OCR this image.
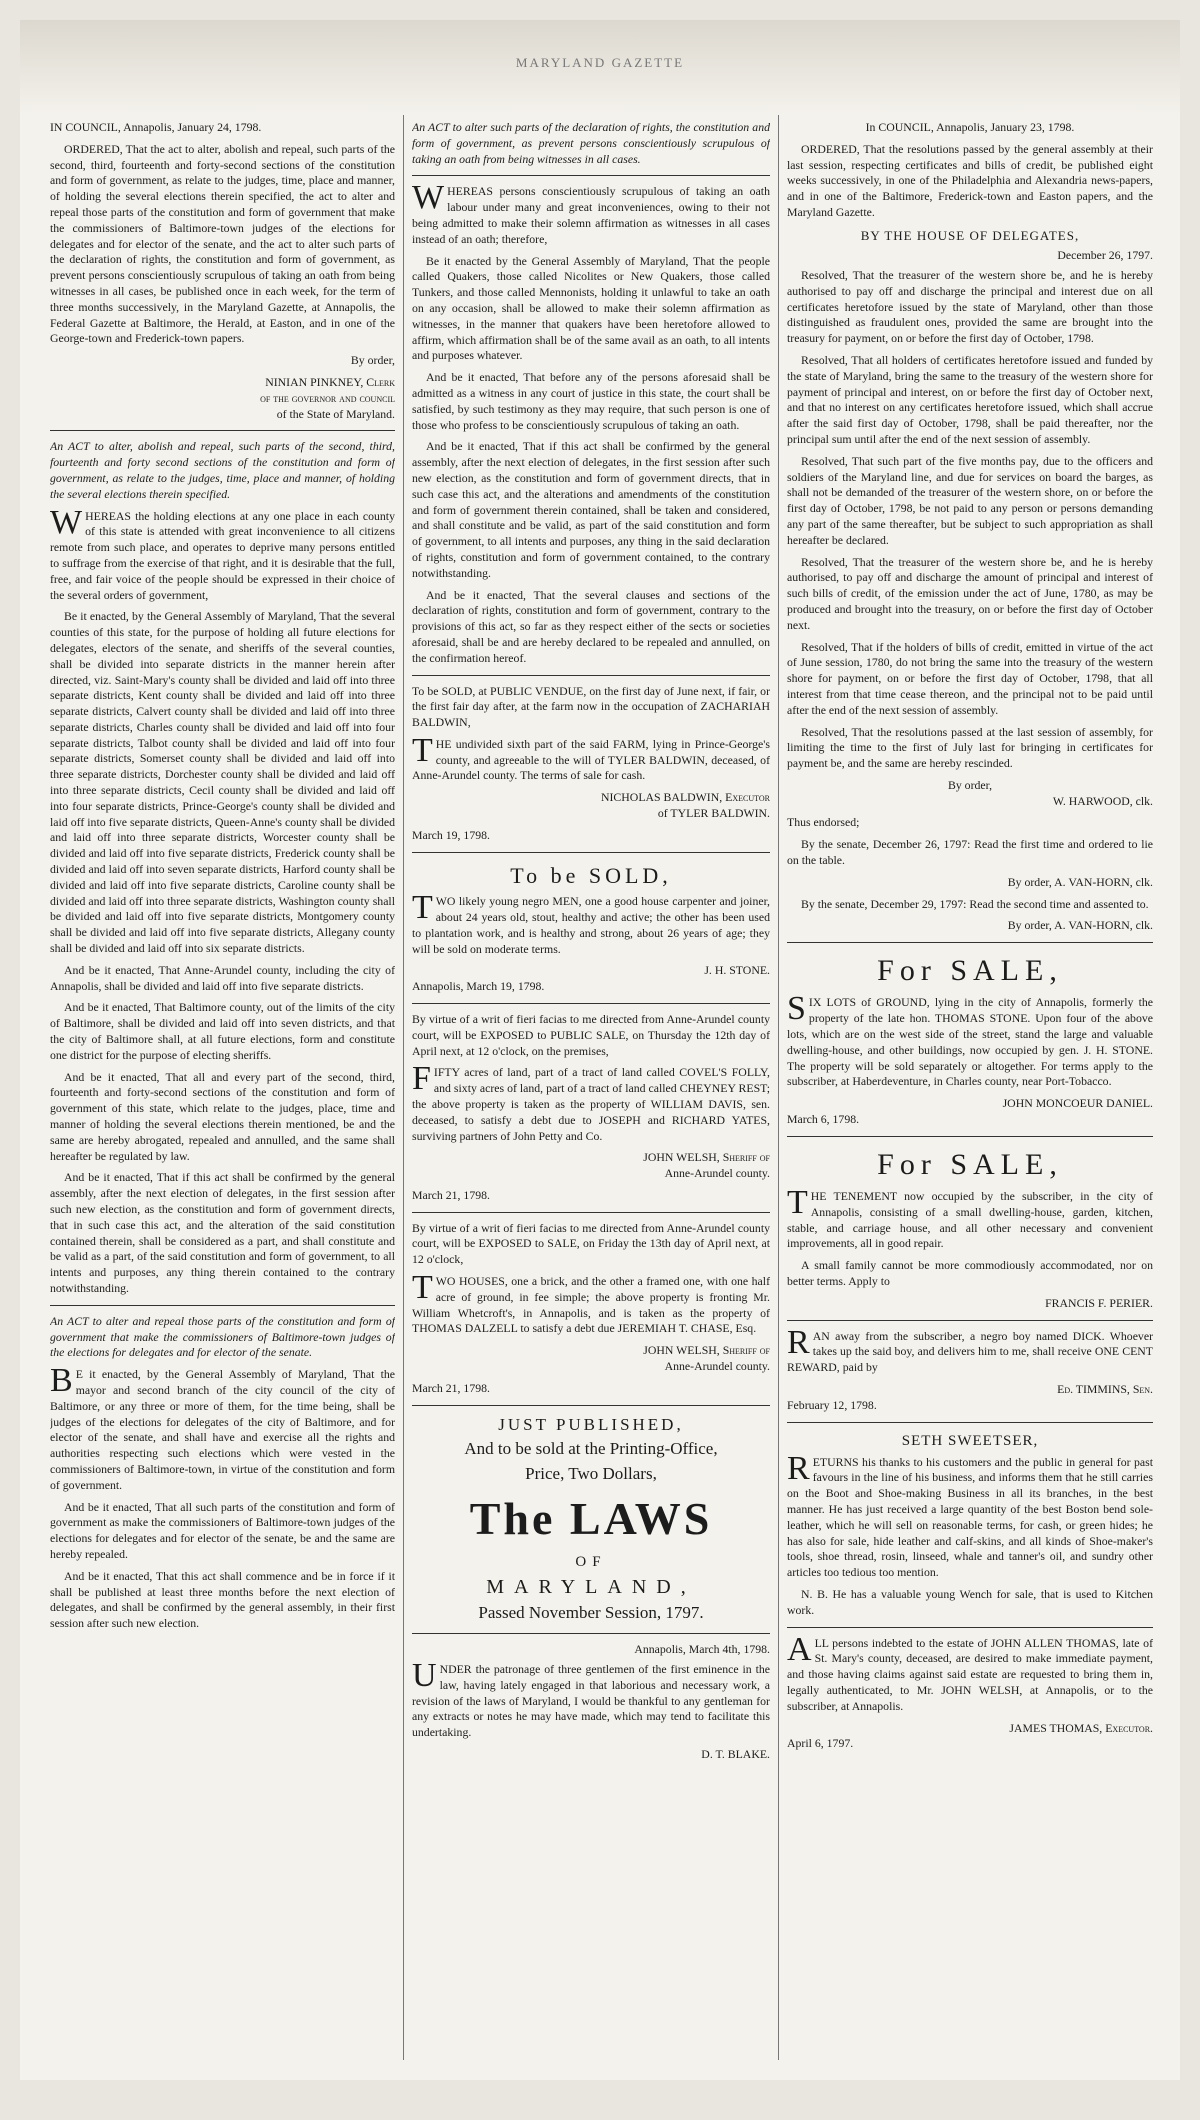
MARYLAND GAZETTE

IN COUNCIL, Annapolis, January 24, 1798.

ORDERED, That the act to alter, abolish and repeal, such parts of the second, third, fourteenth and forty-second sections of the constitution and form of government, as relate to the judges, time, place and manner, of holding the several elections therein specified, the act to alter and repeal those parts of the constitution and form of government that make the commissioners of Baltimore-town judges of the elections for delegates and for elector of the senate, and the act to alter such parts of the declaration of rights, the constitution and form of government, as prevent persons conscientiously scrupulous of taking an oath from being witnesses in all cases, be published once in each week, for the term of three months successively, in the Maryland Gazette, at Annapolis, the Federal Gazette at Baltimore, the Herald, at Easton, and in one of the George-town and Frederick-town papers.

By order,

NINIAN PINKNEY, Clerk

of the governor and council

of the State of Maryland.

An ACT to alter, abolish and repeal, such parts of the second, third, fourteenth and forty second sections of the constitution and form of government, as relate to the judges, time, place and manner, of holding the several elections therein specified.

WHEREAS the holding elections at any one place in each county of this state is attended with great inconvenience to all citizens remote from such place, and operates to deprive many persons entitled to suffrage from the exercise of that right, and it is desirable that the full, free, and fair voice of the people should be expressed in their choice of the several orders of government,

Be it enacted, by the General Assembly of Maryland, That the several counties of this state, for the purpose of holding all future elections for delegates, electors of the senate, and sheriffs of the several counties, shall be divided into separate districts in the manner herein after directed, viz. Saint-Mary's county shall be divided and laid off into three separate districts, Kent county shall be divided and laid off into three separate districts, Calvert county shall be divided and laid off into three separate districts, Charles county shall be divided and laid off into four separate districts, Talbot county shall be divided and laid off into four separate districts, Somerset county shall be divided and laid off into three separate districts, Dorchester county shall be divided and laid off into three separate districts, Cecil county shall be divided and laid off into four separate districts, Prince-George's county shall be divided and laid off into five separate districts, Queen-Anne's county shall be divided and laid off into three separate districts, Worcester county shall be divided and laid off into five separate districts, Frederick county shall be divided and laid off into seven separate districts, Harford county shall be divided and laid off into five separate districts, Caroline county shall be divided and laid off into three separate districts, Washington county shall be divided and laid off into five separate districts, Montgomery county shall be divided and laid off into five separate districts, Allegany county shall be divided and laid off into six separate districts.

And be it enacted, That Anne-Arundel county, including the city of Annapolis, shall be divided and laid off into five separate districts.

And be it enacted, That Baltimore county, out of the limits of the city of Baltimore, shall be divided and laid off into seven districts, and that the city of Baltimore shall, at all future elections, form and constitute one district for the purpose of electing sheriffs.

And be it enacted, That all and every part of the second, third, fourteenth and forty-second sections of the constitution and form of government of this state, which relate to the judges, place, time and manner of holding the several elections therein mentioned, be and the same are hereby abrogated, repealed and annulled, and the same shall hereafter be regulated by law.

And be it enacted, That if this act shall be confirmed by the general assembly, after the next election of delegates, in the first session after such new election, as the constitution and form of government directs, that in such case this act, and the alteration of the said constitution contained therein, shall be considered as a part, and shall constitute and be valid as a part, of the said constitution and form of government, to all intents and purposes, any thing therein contained to the contrary notwithstanding.

An ACT to alter and repeal those parts of the constitution and form of government that make the commissioners of Baltimore-town judges of the elections for delegates and for elector of the senate.

BE it enacted, by the General Assembly of Maryland, That the mayor and second branch of the city council of the city of Baltimore, or any three or more of them, for the time being, shall be judges of the elections for delegates of the city of Baltimore, and for elector of the senate, and shall have and exercise all the rights and authorities respecting such elections which were vested in the commissioners of Baltimore-town, in virtue of the constitution and form of government.

And be it enacted, That all such parts of the constitution and form of government as make the commissioners of Baltimore-town judges of the elections for delegates and for elector of the senate, be and the same are hereby repealed.

And be it enacted, That this act shall commence and be in force if it shall be published at least three months before the next election of delegates, and shall be confirmed by the general assembly, in their first session after such new election.

An ACT to alter such parts of the declaration of rights, the constitution and form of government, as prevent persons conscientiously scrupulous of taking an oath from being witnesses in all cases.

WHEREAS persons conscientiously scrupulous of taking an oath labour under many and great inconveniences, owing to their not being admitted to make their solemn affirmation as witnesses in all cases instead of an oath; therefore,

Be it enacted by the General Assembly of Maryland, That the people called Quakers, those called Nicolites or New Quakers, those called Tunkers, and those called Mennonists, holding it unlawful to take an oath on any occasion, shall be allowed to make their solemn affirmation as witnesses, in the manner that quakers have been heretofore allowed to affirm, which affirmation shall be of the same avail as an oath, to all intents and purposes whatever.

And be it enacted, That before any of the persons aforesaid shall be admitted as a witness in any court of justice in this state, the court shall be satisfied, by such testimony as they may require, that such person is one of those who profess to be conscientiously scrupulous of taking an oath.

And be it enacted, That if this act shall be confirmed by the general assembly, after the next election of delegates, in the first session after such new election, as the constitution and form of government directs, that in such case this act, and the alterations and amendments of the constitution and form of government therein contained, shall be taken and considered, and shall constitute and be valid, as part of the said constitution and form of government, to all intents and purposes, any thing in the said declaration of rights, constitution and form of government contained, to the contrary notwithstanding.

And be it enacted, That the several clauses and sections of the declaration of rights, constitution and form of government, contrary to the provisions of this act, so far as they respect either of the sects or societies aforesaid, shall be and are hereby declared to be repealed and annulled, on the confirmation hereof.

To be SOLD, at PUBLIC VENDUE, on the first day of June next, if fair, or the first fair day after, at the farm now in the occupation of ZACHARIAH BALDWIN,

THE undivided sixth part of the said FARM, lying in Prince-George's county, and agreeable to the will of TYLER BALDWIN, deceased, of Anne-Arundel county. The terms of sale for cash.

NICHOLAS BALDWIN, Executor

of TYLER BALDWIN.

March 19, 1798.

To be SOLD,

TWO likely young negro MEN, one a good house carpenter and joiner, about 24 years old, stout, healthy and active; the other has been used to plantation work, and is healthy and strong, about 26 years of age; they will be sold on moderate terms.

J. H. STONE.

Annapolis, March 19, 1798.

By virtue of a writ of fieri facias to me directed from Anne-Arundel county court, will be EXPOSED to PUBLIC SALE, on Thursday the 12th day of April next, at 12 o'clock, on the premises,

FIFTY acres of land, part of a tract of land called COVEL'S FOLLY, and sixty acres of land, part of a tract of land called CHEYNEY REST; the above property is taken as the property of WILLIAM DAVIS, sen. deceased, to satisfy a debt due to JOSEPH and RICHARD YATES, surviving partners of John Petty and Co.

JOHN WELSH, Sheriff of

Anne-Arundel county.

March 21, 1798.

By virtue of a writ of fieri facias to me directed from Anne-Arundel county court, will be EXPOSED to SALE, on Friday the 13th day of April next, at 12 o'clock,

TWO HOUSES, one a brick, and the other a framed one, with one half acre of ground, in fee simple; the above property is fronting Mr. William Whetcroft's, in Annapolis, and is taken as the property of THOMAS DALZELL to satisfy a debt due JEREMIAH T. CHASE, Esq.

JOHN WELSH, Sheriff of

Anne-Arundel county.

March 21, 1798.

JUST PUBLISHED,

And to be sold at the Printing-Office,

Price, Two Dollars,

The LAWS

OF

MARYLAND,

Passed November Session, 1797.

Annapolis, March 4th, 1798.

UNDER the patronage of three gentlemen of the first eminence in the law, having lately engaged in that laborious and necessary work, a revision of the laws of Maryland, I would be thankful to any gentleman for any extracts or notes he may have made, which may tend to facilitate this undertaking.

D. T. BLAKE.

In COUNCIL, Annapolis, January 23, 1798.

ORDERED, That the resolutions passed by the general assembly at their last session, respecting certificates and bills of credit, be published eight weeks successively, in one of the Philadelphia and Alexandria news-papers, and in one of the Baltimore, Frederick-town and Easton papers, and the Maryland Gazette.

BY THE HOUSE OF DELEGATES,

December 26, 1797.

Resolved, That the treasurer of the western shore be, and he is hereby authorised to pay off and discharge the principal and interest due on all certificates heretofore issued by the state of Maryland, other than those distinguished as fraudulent ones, provided the same are brought into the treasury for payment, on or before the first day of October, 1798.

Resolved, That all holders of certificates heretofore issued and funded by the state of Maryland, bring the same to the treasury of the western shore for payment of principal and interest, on or before the first day of October next, and that no interest on any certificates heretofore issued, which shall accrue after the said first day of October, 1798, shall be paid thereafter, nor the principal sum until after the end of the next session of assembly.

Resolved, That such part of the five months pay, due to the officers and soldiers of the Maryland line, and due for services on board the barges, as shall not be demanded of the treasurer of the western shore, on or before the first day of October, 1798, be not paid to any person or persons demanding any part of the same thereafter, but be subject to such appropriation as shall hereafter be declared.

Resolved, That the treasurer of the western shore be, and he is hereby authorised, to pay off and discharge the amount of principal and interest of such bills of credit, of the emission under the act of June, 1780, as may be produced and brought into the treasury, on or before the first day of October next.

Resolved, That if the holders of bills of credit, emitted in virtue of the act of June session, 1780, do not bring the same into the treasury of the western shore for payment, on or before the first day of October, 1798, that all interest from that time cease thereon, and the principal not to be paid until after the end of the next session of assembly.

Resolved, That the resolutions passed at the last session of assembly, for limiting the time to the first of July last for bringing in certificates for payment be, and the same are hereby rescinded.

By order,

W. HARWOOD, clk.

Thus endorsed;

By the senate, December 26, 1797: Read the first time and ordered to lie on the table.

By order, A. VAN-HORN, clk.

By the senate, December 29, 1797: Read the second time and assented to.

By order, A. VAN-HORN, clk.

For SALE,

SIX LOTS of GROUND, lying in the city of Annapolis, formerly the property of the late hon. THOMAS STONE. Upon four of the above lots, which are on the west side of the street, stand the large and valuable dwelling-house, and other buildings, now occupied by gen. J. H. STONE. The property will be sold separately or altogether. For terms apply to the subscriber, at Haberdeventure, in Charles county, near Port-Tobacco.

JOHN MONCOEUR DANIEL.

March 6, 1798.

For SALE,

THE TENEMENT now occupied by the subscriber, in the city of Annapolis, consisting of a small dwelling-house, garden, kitchen, stable, and carriage house, and all other necessary and convenient improvements, all in good repair.

A small family cannot be more commodiously accommodated, nor on better terms. Apply to

FRANCIS F. PERIER.

RAN away from the subscriber, a negro boy named DICK. Whoever takes up the said boy, and delivers him to me, shall receive ONE CENT REWARD, paid by

Ed. TIMMINS, Sen.

February 12, 1798.

SETH SWEETSER,

RETURNS his thanks to his customers and the public in general for past favours in the line of his business, and informs them that he still carries on the Boot and Shoe-making Business in all its branches, in the best manner. He has just received a large quantity of the best Boston bend sole-leather, which he will sell on reasonable terms, for cash, or green hides; he has also for sale, hide leather and calf-skins, and all kinds of Shoe-maker's tools, shoe thread, rosin, linseed, whale and tanner's oil, and sundry other articles too tedious too mention.

N. B. He has a valuable young Wench for sale, that is used to Kitchen work.

ALL persons indebted to the estate of JOHN ALLEN THOMAS, late of St. Mary's county, deceased, are desired to make immediate payment, and those having claims against said estate are requested to bring them in, legally authenticated, to Mr. JOHN WELSH, at Annapolis, or to the subscriber, at Annapolis.

JAMES THOMAS, Executor.

April 6, 1797.
